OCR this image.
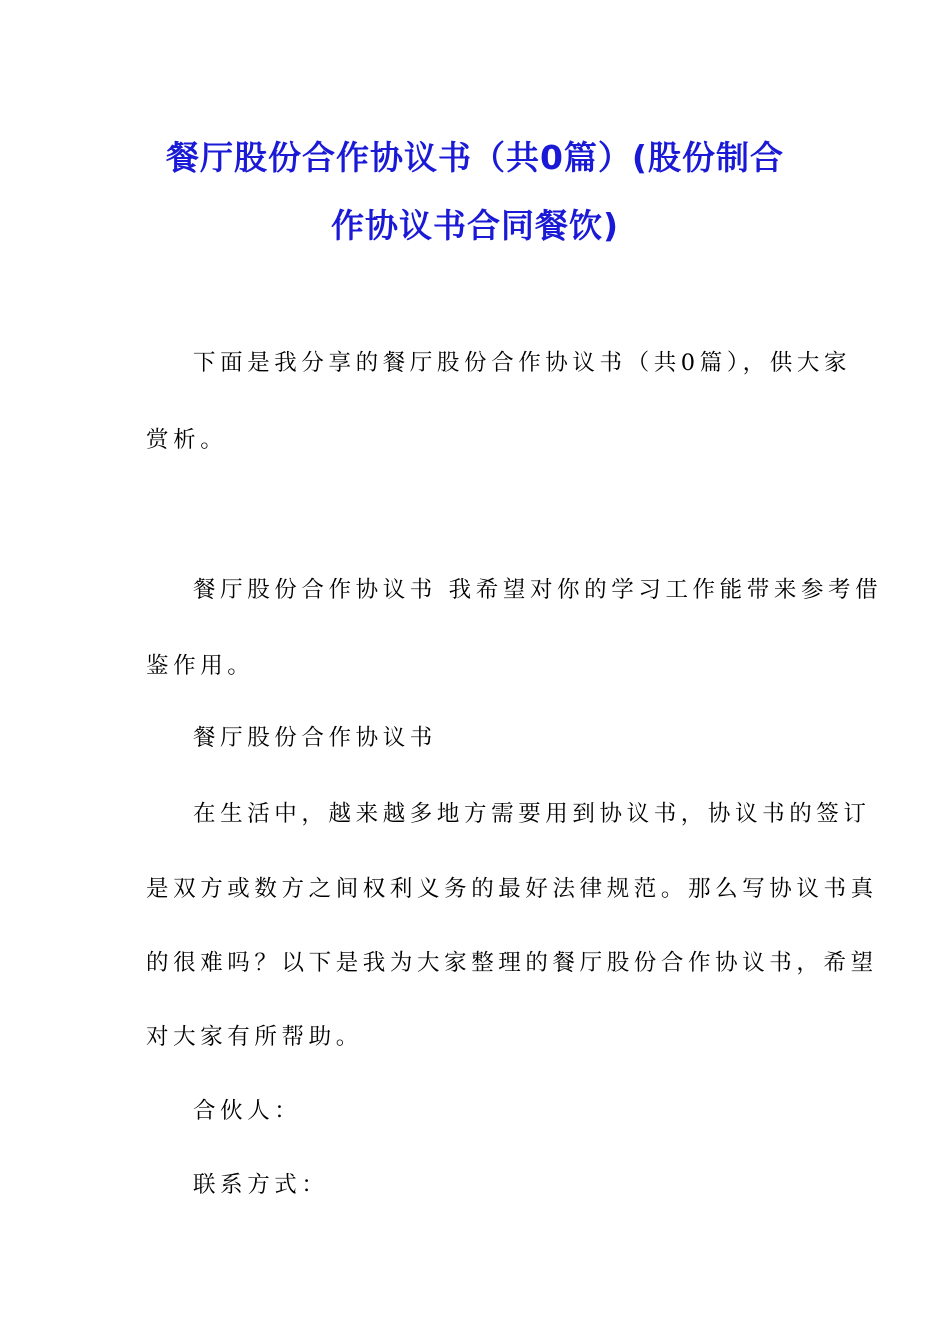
餐厅股份合作协议书（共0篇）(股份制合
作协议书合同餐饮)
下面是我分享的餐厅股份合作协议书（共0篇），供大家
赏析。
餐厅股份合作协议书 我希望对你的学习工作能带来参考借
鉴作用。
餐厅股份合作协议书
在生活中，越来越多地方需要用到协议书，协议书的签订
是双方或数方之间权利义务的最好法律规范。那么写协议书真
的很难吗？以下是我为大家整理的餐厅股份合作协议书，希望
对大家有所帮助。
合伙人：
联系方式：
